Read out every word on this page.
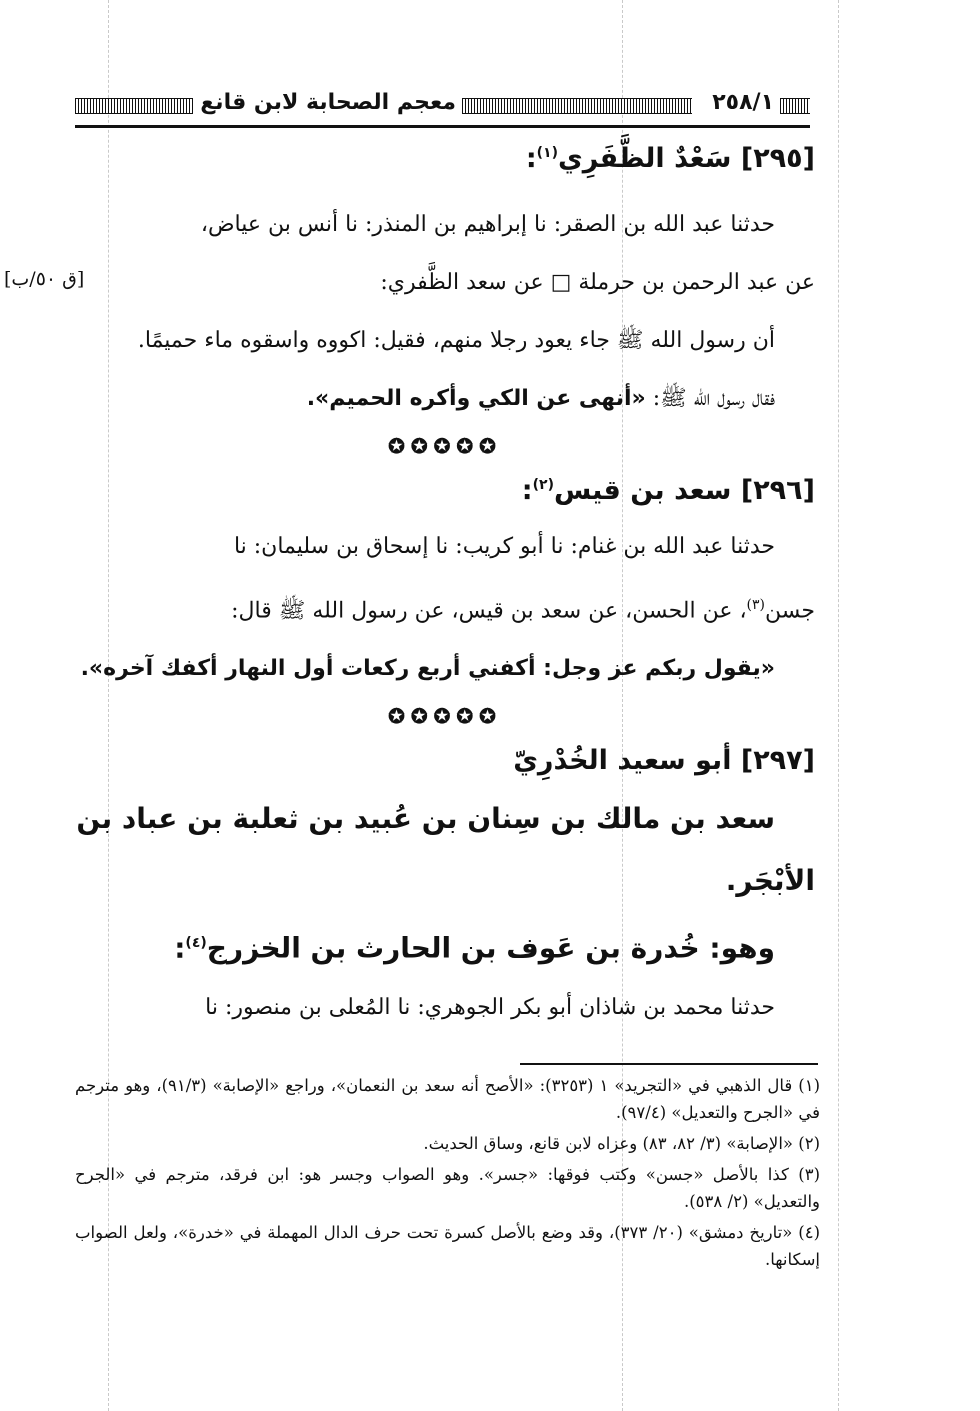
٢٥٨/١
معجم الصحابة لابن قانع
[ق ٥٠/ب]
[٢٩٥] سَعْدٌ الظَّفَرِي$^{(١)}$:

حدثنا عبد الله بن الصقر: نا إبراهيم بن المنذر: نا أنس بن عياض،

عن عبد الرحمن بن حرملة □ عن سعد الظَّفري:

أن رسول الله ﷺ جاء يعود رجلا منهم، فقيل: اكووه واسقوه ماء حميمًا.

فقال رسول الله ﷺ: «أنهى عن الكي وأكره الحميم».

✪✪✪✪✪
[٢٩٦] سعد بن قيس$^{(٢)}$:

حدثنا عبد الله بن غنام: نا أبو كريب: نا إسحاق بن سليمان: نا

جسن$^{(٣)}$، عن الحسن، عن سعد بن قيس، عن رسول الله ﷺ قال:

«يقول ربكم عز وجل: أكفني أربع ركعات أول النهار أكفك آخره».

✪✪✪✪✪
[٢٩٧] أبو سعيد الخُدْرِيّ

سعد بن مالك بن سِنان بن عُبيد بن ثعلبة بن عباد بن الأبْجَر.

وهو: خُدرة بن عَوف بن الحارث بن الخزرج$^{(٤)}$:

حدثنا محمد بن شاذان أبو بكر الجوهري: نا المُعلى بن منصور: نا

(١) قال الذهبي في «التجريد» ١ (٣٢٥٣): «الأصح أنه سعد بن النعمان»، وراجع «الإصابة» (٩١/٣)، وهو مترجم في «الجرح والتعديل» (٩٧/٤).

(٢) «الإصابة» (٣/ ٨٢، ٨٣) وعزاه لابن قانع، وساق الحديث.

(٣) كذا بالأصل «جسن» وكتب فوقها: «جسر». وهو الصواب وجسر هو: ابن فرقد، مترجم في «الجرح والتعديل» (٢/ ٥٣٨).

(٤) «تاريخ دمشق» (٢٠/ ٣٧٣)، وقد وضع بالأصل كسرة تحت حرف الدال المهملة في «خدرة»، ولعل الصواب إسكانها.
